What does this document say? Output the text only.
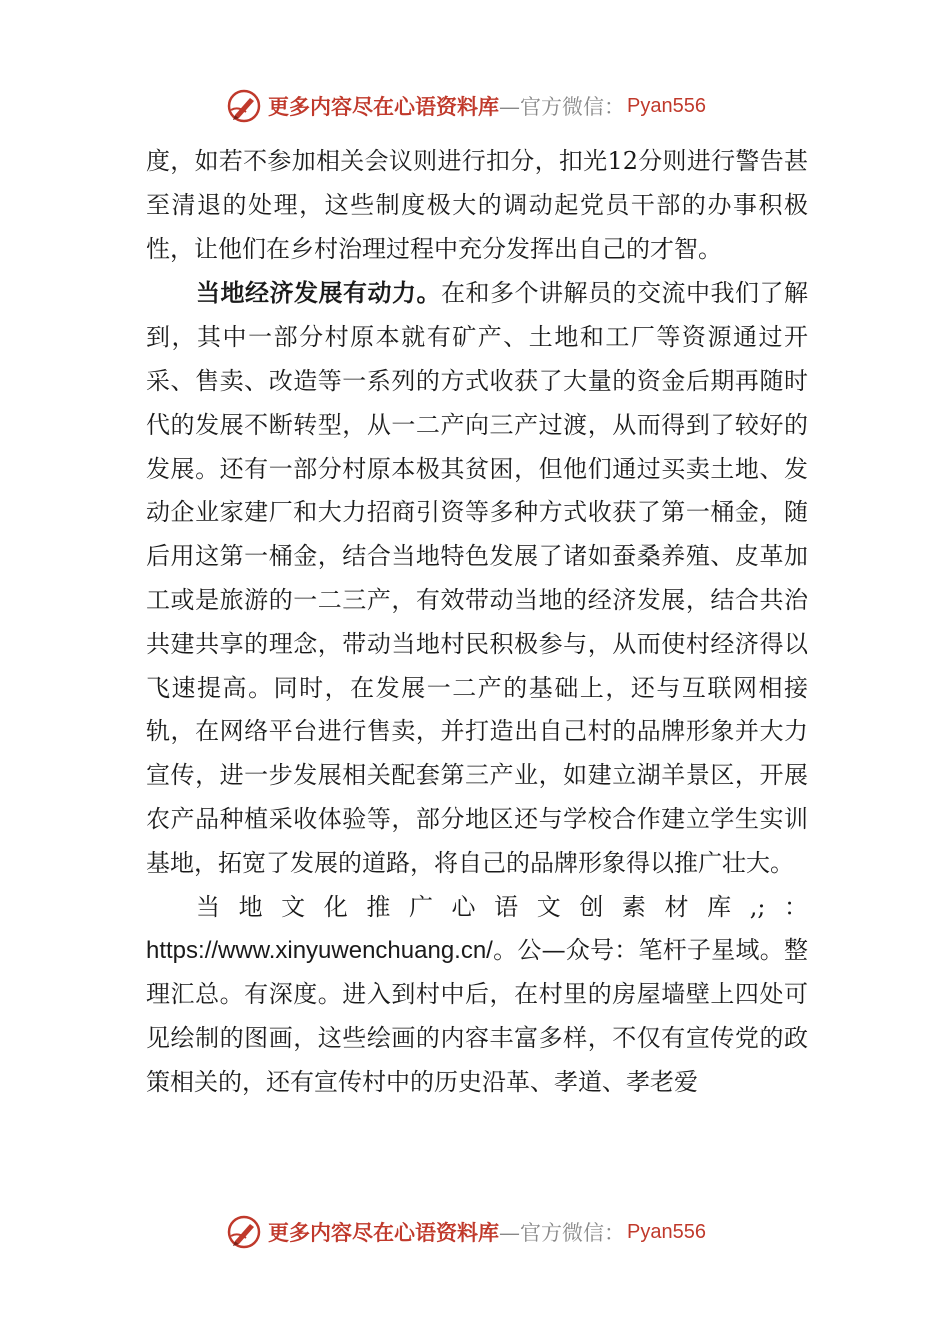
更多内容尽在心语资料库 —官方微信： Pyan556

度，如若不参加相关会议则进行扣分，扣光12分则进行警告甚至清退的处理，这些制度极大的调动起党员干部的办事积极性，让他们在乡村治理过程中充分发挥出自己的才智。

当地经济发展有动力。在和多个讲解员的交流中我们了解到，其中一部分村原本就有矿产、土地和工厂等资源通过开采、售卖、改造等一系列的方式收获了大量的资金后期再随时代的发展不断转型，从一二产向三产过渡，从而得到了较好的发展。还有一部分村原本极其贫困，但他们通过买卖土地、发动企业家建厂和大力招商引资等多种方式收获了第一桶金，随后用这第一桶金，结合当地特色发展了诸如蚕桑养殖、皮革加工或是旅游的一二三产，有效带动当地的经济发展，结合共治共建共享的理念，带动当地村民积极参与，从而使村经济得以飞速提高。同时，在发展一二产的基础上，还与互联网相接轨，在网络平台进行售卖，并打造出自己村的品牌形象并大力宣传，进一步发展相关配套第三产业，如建立湖羊景区，开展农产品种植采收体验等，部分地区还与学校合作建立学生实训基地，拓宽了发展的道路，将自己的品牌形象得以推广壮大。

当地文化推广心语文创素材库,;：https://www.xinyuwenchuang.cn/。公—众号：笔杆子星域。整理汇总。有深度。进入到村中后，在村里的房屋墙壁上四处可见绘制的图画，这些绘画的内容丰富多样，不仅有宣传党的政策相关的，还有宣传村中的历史沿革、孝道、孝老爱

更多内容尽在心语资料库 —官方微信： Pyan556
